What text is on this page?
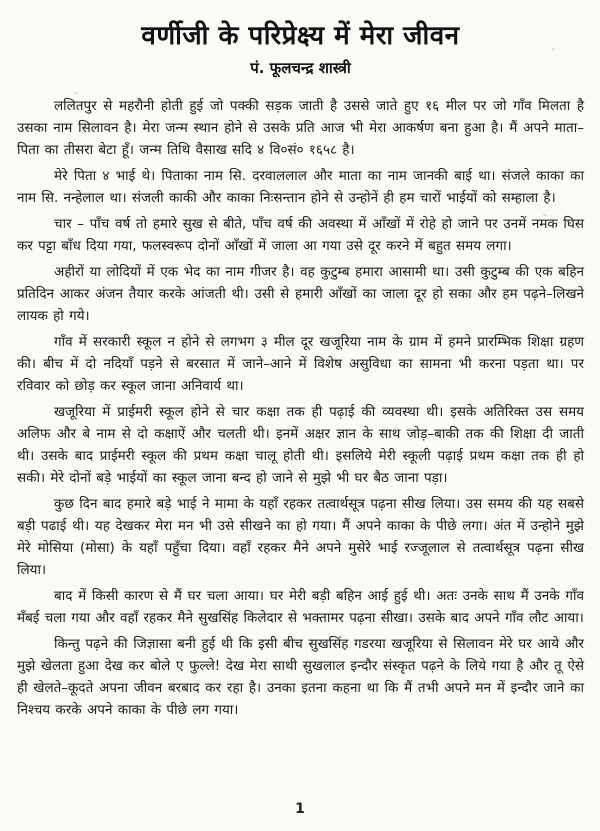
वर्णीजी के परिप्रेक्ष्य में मेरा जीवन
पं. फूलचन्द्र शास्त्री

ललितपुर से महरौनी होती हुई जो पक्की सड़क जाती है उससे जाते हुए १६ मील पर जो गाँव मिलता है उसका नाम सिलावन है। मेरा जन्म स्थान होने से उसके प्रति आज भी मेरा आकर्षण बना हुआ है। मैं अपने माता–पिता का तीसरा बेटा हूँ। जन्म तिथि वैसाख सदि ४ वि०सं० १६५८ है।

मेरे पिता ४ भाई थे। पिताका नाम सि. दरवाललाल और माता का नाम जानकी बाई था। संजले काका का नाम सि. नन्हेलाल था। संजली काकी और काका निःसन्तान होने से उन्होनें ही हम चारों भाईयों को सम्हाला है।

चार – पाँच वर्ष तो हमारे सुख से बीते, पाँच वर्ष की अवस्था में आँखों में रोहे हो जाने पर उनमें नमक घिस कर पट्टा बाँध दिया गया, फलस्वरूप दोनों आँखों में जाला आ गया उसे दूर करने में बहुत समय लगा।

अहीरों या लोदियों में एक भेद का नाम गीजर है। वह कुटुम्ब हमारा आसामी था। उसी कुटुम्ब की एक बहिन प्रतिदिन आकर अंजन तैयार करके आंजती थी। उसी से हमारी आँखों का जाला दूर हो सका और हम पढ़ने–लिखने लायक हो गये।

गाँव में सरकारी स्कूल न होने से लगभग ३ मील दूर खजूरिया नाम के ग्राम में हमने प्रारम्भिक शिक्षा ग्रहण की। बीच में दो नदियाँ पड़ने से बरसात में जाने–आने में विशेष असुविधा का सामना भी करना पड़ता था। पर रविवार को छोड़ कर स्कूल जाना अनिवार्य था।

खजूरिया में प्राईमरी स्कूल होने से चार कक्षा तक ही पढ़ाई की व्यवस्था थी। इसके अतिरिक्त उस समय अलिफ और बे नाम से दो कक्षाऐं और चलती थी। इनमें अक्षर ज्ञान के साथ जोड़–बाकी तक की शिक्षा दी जाती थी। उसके बाद प्राईमरी स्कूल की प्रथम कक्षा चालू होती थी। इसलिये मेरी स्कूली पढ़ाई प्रथम कक्षा तक ही हो सकी। मेरे दोनों बड़े भाईयों का स्कूल जाना बन्द हो जाने से मुझे भी घर बैठ जाना पड़ा।

कुछ दिन बाद हमारे बड़े भाई ने मामा के यहाँ रहकर तत्वार्थसूत्र पढ़ना सीख लिया। उस समय की यह सबसे बड़ी पढाई थी। यह देखकर मेरा मन भी उसे सीखने का हो गया। मैं अपने काका के पीछे लगा। अंत में उन्होने मुझे मेरे मोसिया (मोसा) के यहाँ पहुँचा दिया। वहाँ रहकर मैने अपने मुसेरे भाई रज्जूलाल से तत्वार्थसूत्र पढ़ना सीख लिया।

बाद में किसी कारण से मैं घर चला आया। घर मेरी बड़ी बहिन आई हुई थी। अतः उनके साथ मैं उनके गाँव मँबई चला गया और वहाँ रहकर मैने सुखसिंह किलेदार से भक्तामर पढ़ना सीखा। उसके बाद अपने गाँव लौट आया।

किन्तु पढ़ने की जिज्ञासा बनी हुई थी कि इसी बीच सुखसिंह गडरया खजूरिया से सिलावन मेरे घर आये और मुझे खेलता हुआ देख कर बोले ए फुल्ले! देख मेरा साथी सुखलाल इन्दौर संस्कृत पढ़ने के लिये गया है और तू ऐसे ही खेलते–कूदते अपना जीवन बरबाद कर रहा है। उनका इतना कहना था कि मैं तभी अपने मन में इन्दौर जाने का निश्चय करके अपने काका के पीछे लग गया।

1
